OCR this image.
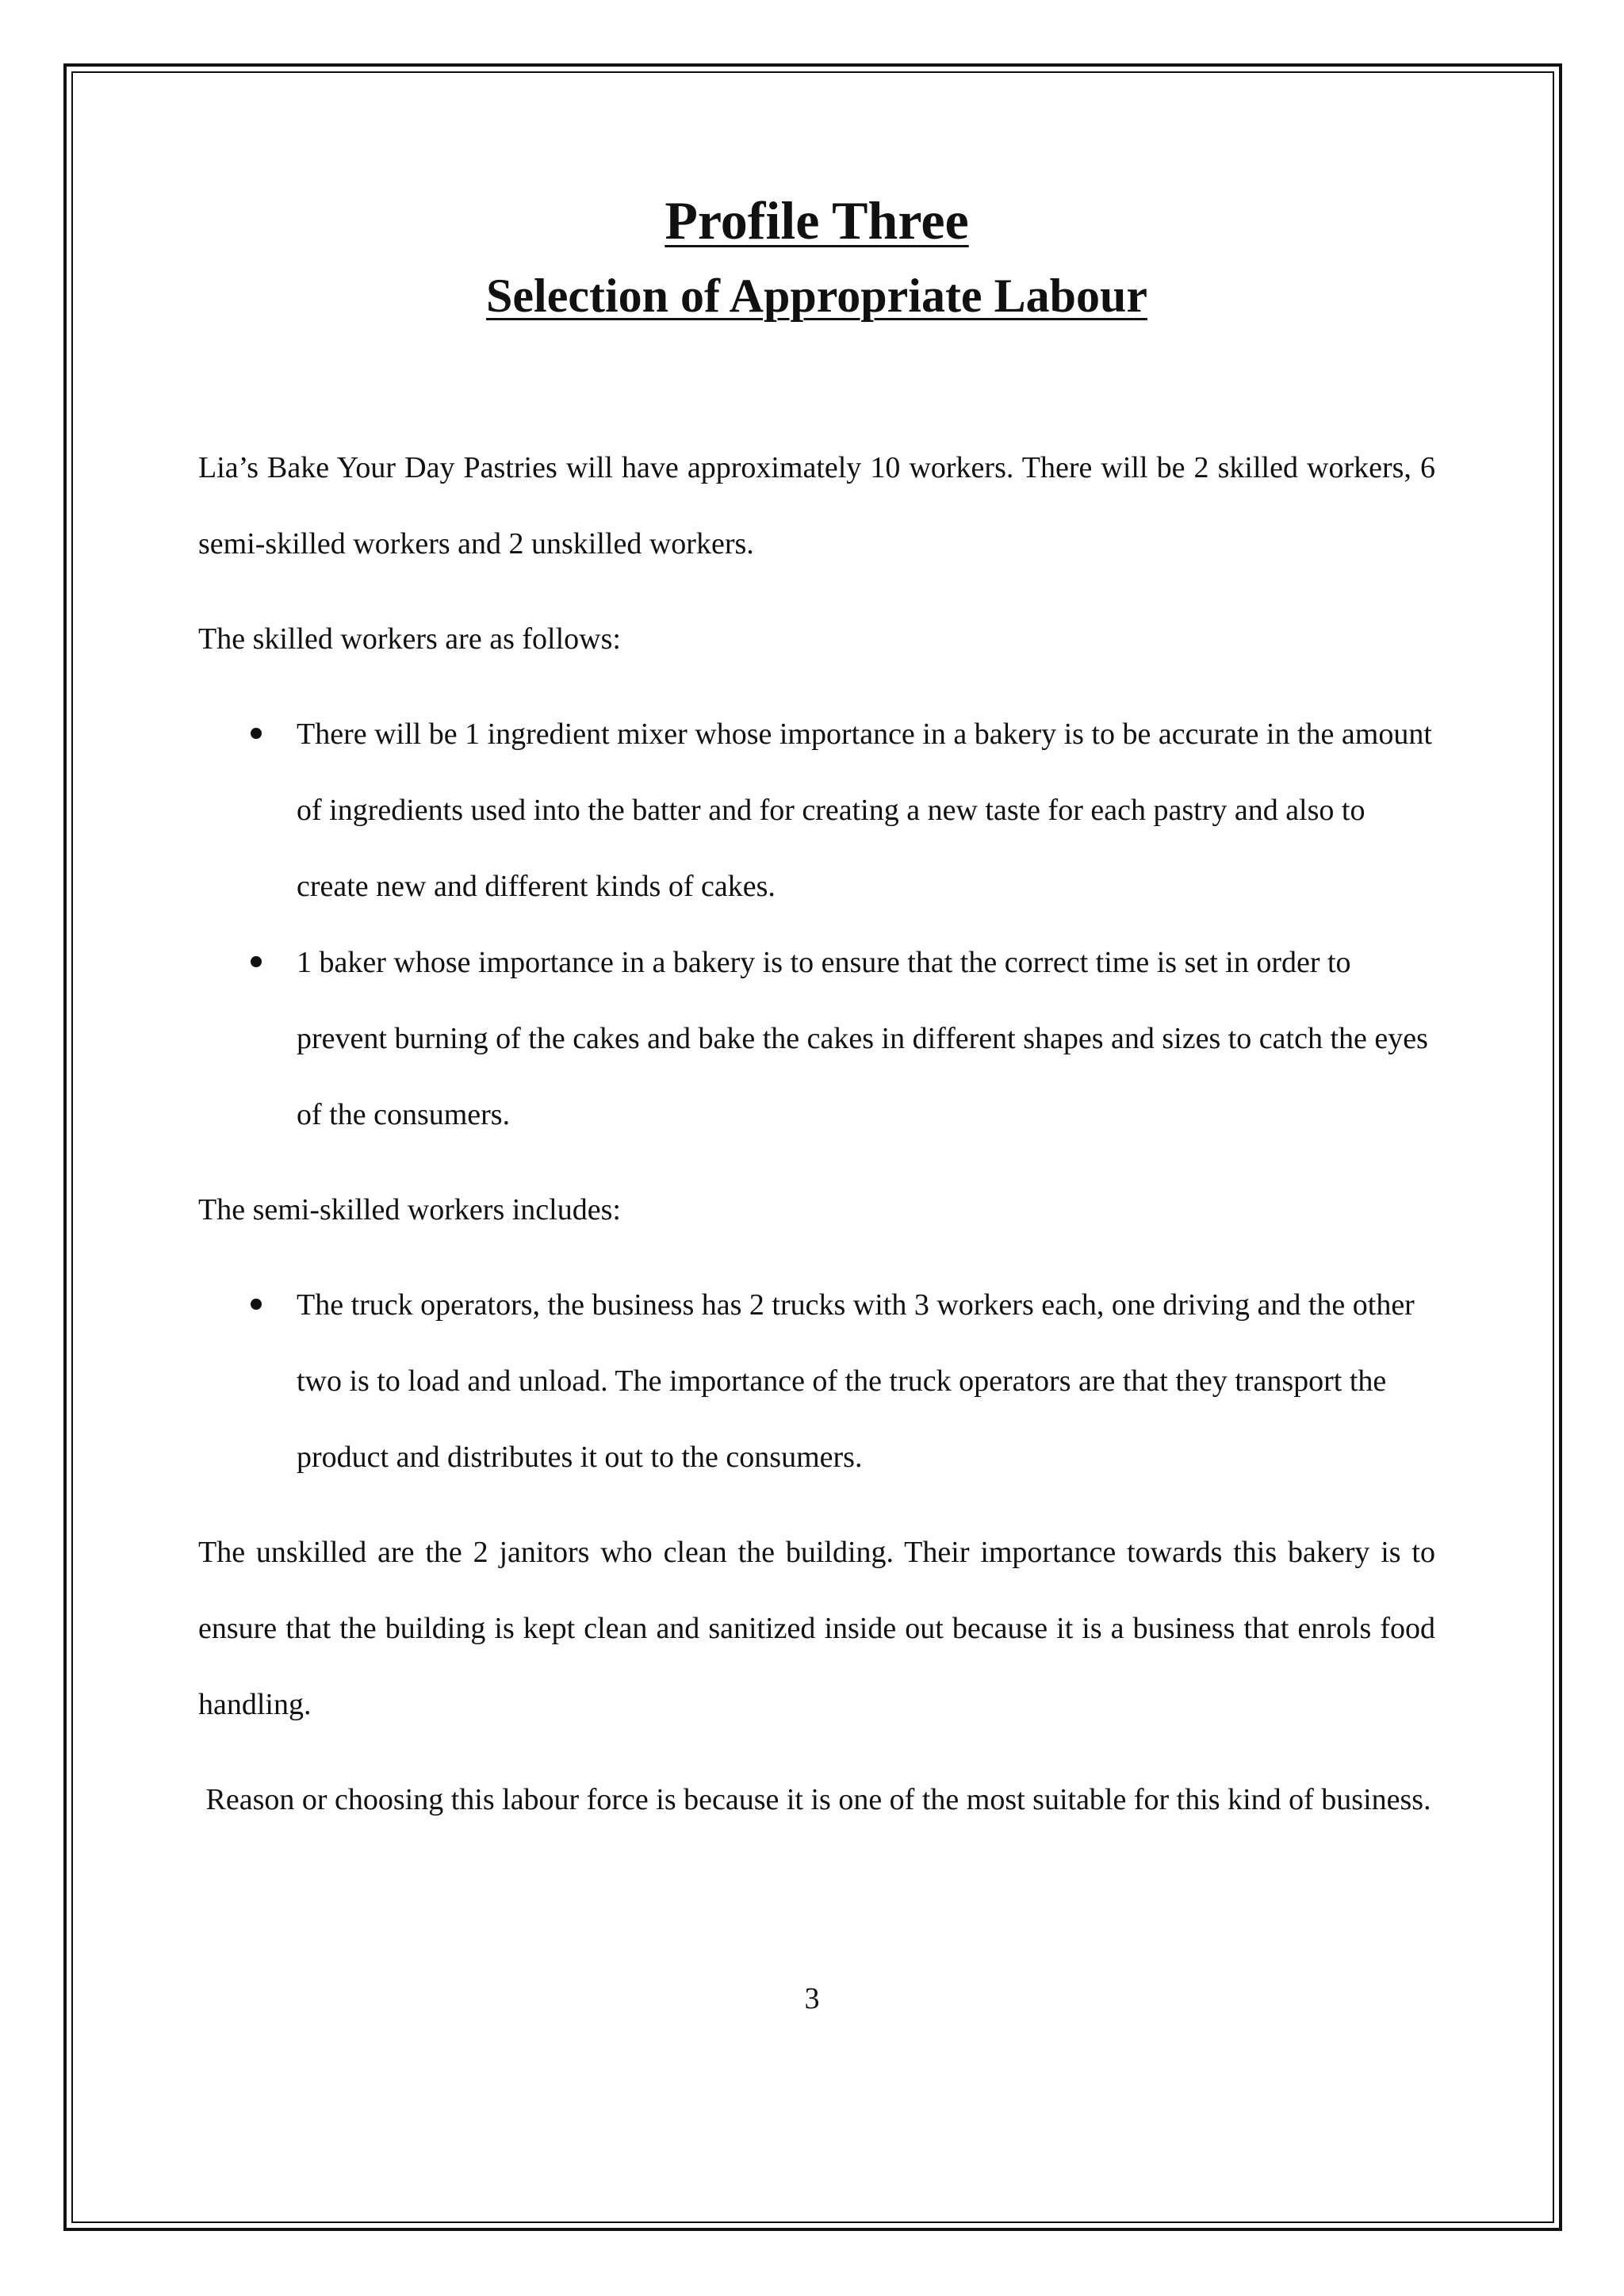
Profile Three
Selection of Appropriate Labour

Lia’s Bake Your Day Pastries will have approximately 10 workers. There will be 2 skilled workers, 6 semi-skilled workers and 2 unskilled workers.

The skilled workers are as follows:

There will be 1 ingredient mixer whose importance in a bakery is to be accurate in the amount of ingredients used into the batter and for creating a new taste for each pastry and also to create new and different kinds of cakes.
1 baker whose importance in a bakery is to ensure that the correct time is set in order to prevent burning of the cakes and bake the cakes in different shapes and sizes to catch the eyes of the consumers.

The semi-skilled workers includes:

The truck operators, the business has 2 trucks with 3 workers each, one driving and the other two is to load and unload. The importance of the truck operators are that they transport the product and distributes it out to the consumers.

The unskilled are the 2 janitors who clean the building. Their importance towards this bakery is to ensure that the building is kept clean and sanitized inside out because it is a business that enrols food handling.

Reason or choosing this labour force is because it is one of the most suitable for this kind of business.

3
